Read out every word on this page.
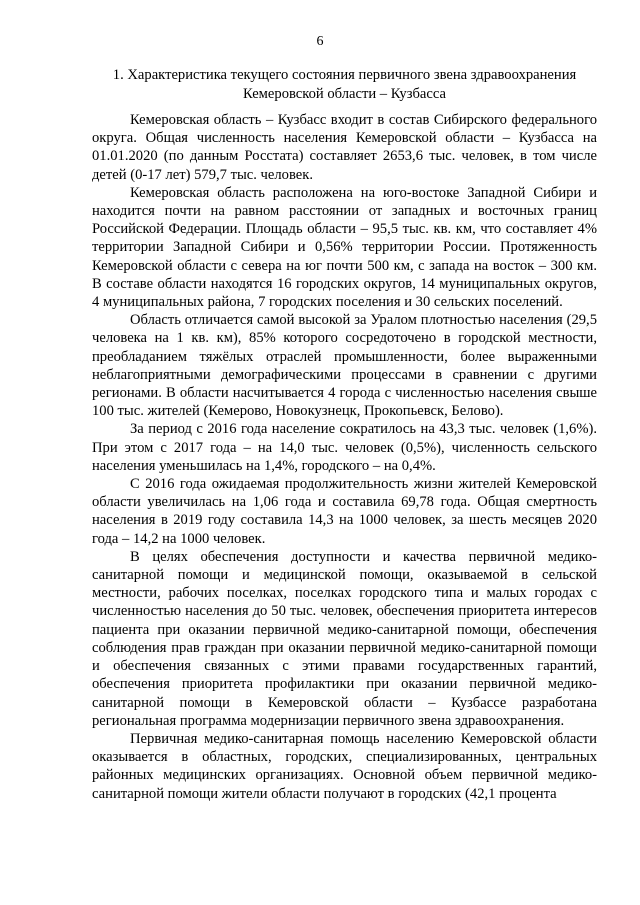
6
1. Характеристика текущего состояния первичного звена здравоохранения
Кемеровской области – Кузбасса

Кемеровская область – Кузбасс входит в состав Сибирского федерального округа. Общая численность населения Кемеровской области – Кузбасса на 01.01.2020 (по данным Росстата) составляет 2653,6 тыс. человек, в том числе детей (0-17 лет) 579,7 тыс. человек.

Кемеровская область расположена на юго-востоке Западной Сибири и находится почти на равном расстоянии от западных и восточных границ Российской Федерации. Площадь области – 95,5 тыс. кв. км, что составляет 4% территории Западной Сибири и 0,56% территории России. Протяженность Кемеровской области с севера на юг почти 500 км, с запада на восток – 300 км. В составе области находятся 16 городских округов, 14 муниципальных округов, 4 муниципальных района, 7 городских поселения и 30 сельских поселений.

Область отличается самой высокой за Уралом плотностью населения (29,5 человека на 1 кв. км), 85% которого сосредоточено в городской местности, преобладанием тяжёлых отраслей промышленности, более выраженными неблагоприятными демографическими процессами в сравнении с другими регионами. В области насчитывается 4 города с численностью населения свыше 100 тыс. жителей (Кемерово, Новокузнецк, Прокопьевск, Белово).

За период с 2016 года население сократилось на 43,3 тыс. человек (1,6%). При этом с 2017 года – на 14,0 тыс. человек (0,5%), численность сельского населения уменьшилась на 1,4%, городского – на 0,4%.

С 2016 года ожидаемая продолжительность жизни жителей Кемеровской области увеличилась на 1,06 года и составила 69,78 года. Общая смертность населения в 2019 году составила 14,3 на 1000 человек, за шесть месяцев 2020 года – 14,2 на 1000 человек.

В целях обеспечения доступности и качества первичной медико-санитарной помощи и медицинской помощи, оказываемой в сельской местности, рабочих поселках, поселках городского типа и малых городах с численностью населения до 50 тыс. человек, обеспечения приоритета интересов пациента при оказании первичной медико-санитарной помощи, обеспечения соблюдения прав граждан при оказании первичной медико-санитарной помощи и обеспечения связанных с этими правами государственных гарантий, обеспечения приоритета профилактики при оказании первичной медико-санитарной помощи в Кемеровской области – Кузбассе разработана региональная программа модернизации первичного звена здравоохранения.

Первичная медико-санитарная помощь населению Кемеровской области оказывается в областных, городских, специализированных, центральных районных медицинских организациях. Основной объем первичной медико-санитарной помощи жители области получают в городских (42,1 процента
